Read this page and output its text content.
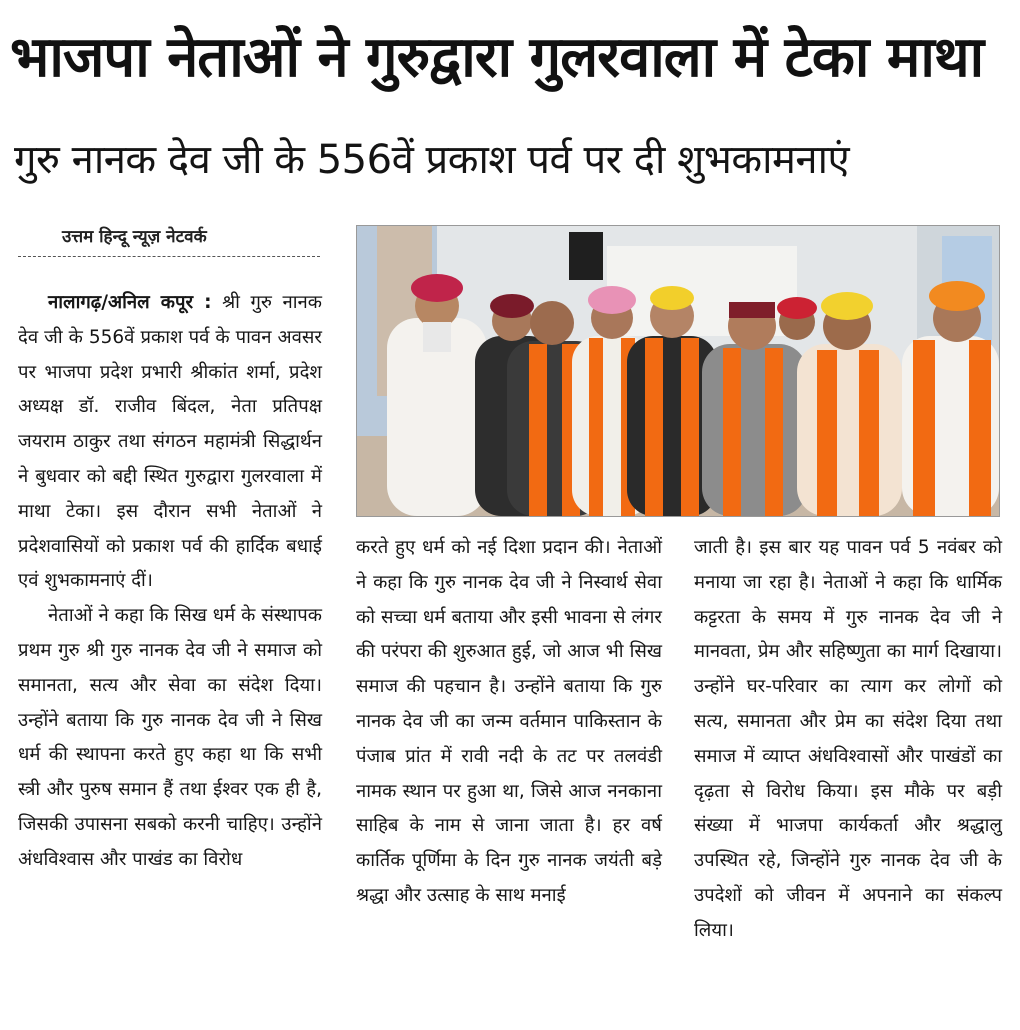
भाजपा नेताओं ने गुरुद्वारा गुलरवाला में टेका माथा
गुरु नानक देव जी के 556वें प्रकाश पर्व पर दी शुभकामनाएं
उत्तम हिन्दू न्यूज़ नेटवर्क

नालागढ़/अनिल कपूर : श्री गुरु नानक देव जी के 556वें प्रकाश पर्व के पावन अवसर पर भाजपा प्रदेश प्रभारी श्रीकांत शर्मा, प्रदेश अध्यक्ष डॉ. राजीव बिंदल, नेता प्रतिपक्ष जयराम ठाकुर तथा संगठन महामंत्री सिद्धार्थन ने बुधवार को बद्दी स्थित गुरुद्वारा गुलरवाला में माथा टेका। इस दौरान सभी नेताओं ने प्रदेशवासियों को प्रकाश पर्व की हार्दिक बधाई एवं शुभकामनाएं दीं।

नेताओं ने कहा कि सिख धर्म के संस्थापक प्रथम गुरु श्री गुरु नानक देव जी ने समाज को समानता, सत्य और सेवा का संदेश दिया। उन्होंने बताया कि गुरु नानक देव जी ने सिख धर्म की स्थापना करते हुए कहा था कि सभी स्त्री और पुरुष समान हैं तथा ईश्वर एक ही है, जिसकी उपासना सबको करनी चाहिए। उन्होंने अंधविश्वास और पाखंड का विरोध

करते हुए धर्म को नई दिशा प्रदान की। नेताओं ने कहा कि गुरु नानक देव जी ने निस्वार्थ सेवा को सच्चा धर्म बताया और इसी भावना से लंगर की परंपरा की शुरुआत हुई, जो आज भी सिख समाज की पहचान है। उन्होंने बताया कि गुरु नानक देव जी का जन्म वर्तमान पाकिस्तान के पंजाब प्रांत में रावी नदी के तट पर तलवंडी नामक स्थान पर हुआ था, जिसे आज ननकाना साहिब के नाम से जाना जाता है। हर वर्ष कार्तिक पूर्णिमा के दिन गुरु नानक जयंती बड़े श्रद्धा और उत्साह के साथ मनाई

जाती है। इस बार यह पावन पर्व 5 नवंबर को मनाया जा रहा है। नेताओं ने कहा कि धार्मिक कट्टरता के समय में गुरु नानक देव जी ने मानवता, प्रेम और सहिष्णुता का मार्ग दिखाया। उन्होंने घर-परिवार का त्याग कर लोगों को सत्य, समानता और प्रेम का संदेश दिया तथा समाज में व्याप्त अंधविश्वासों और पाखंडों का दृढ़ता से विरोध किया। इस मौके पर बड़ी संख्या में भाजपा कार्यकर्ता और श्रद्धालु उपस्थित रहे, जिन्होंने गुरु नानक देव जी के उपदेशों को जीवन में अपनाने का संकल्प लिया।
